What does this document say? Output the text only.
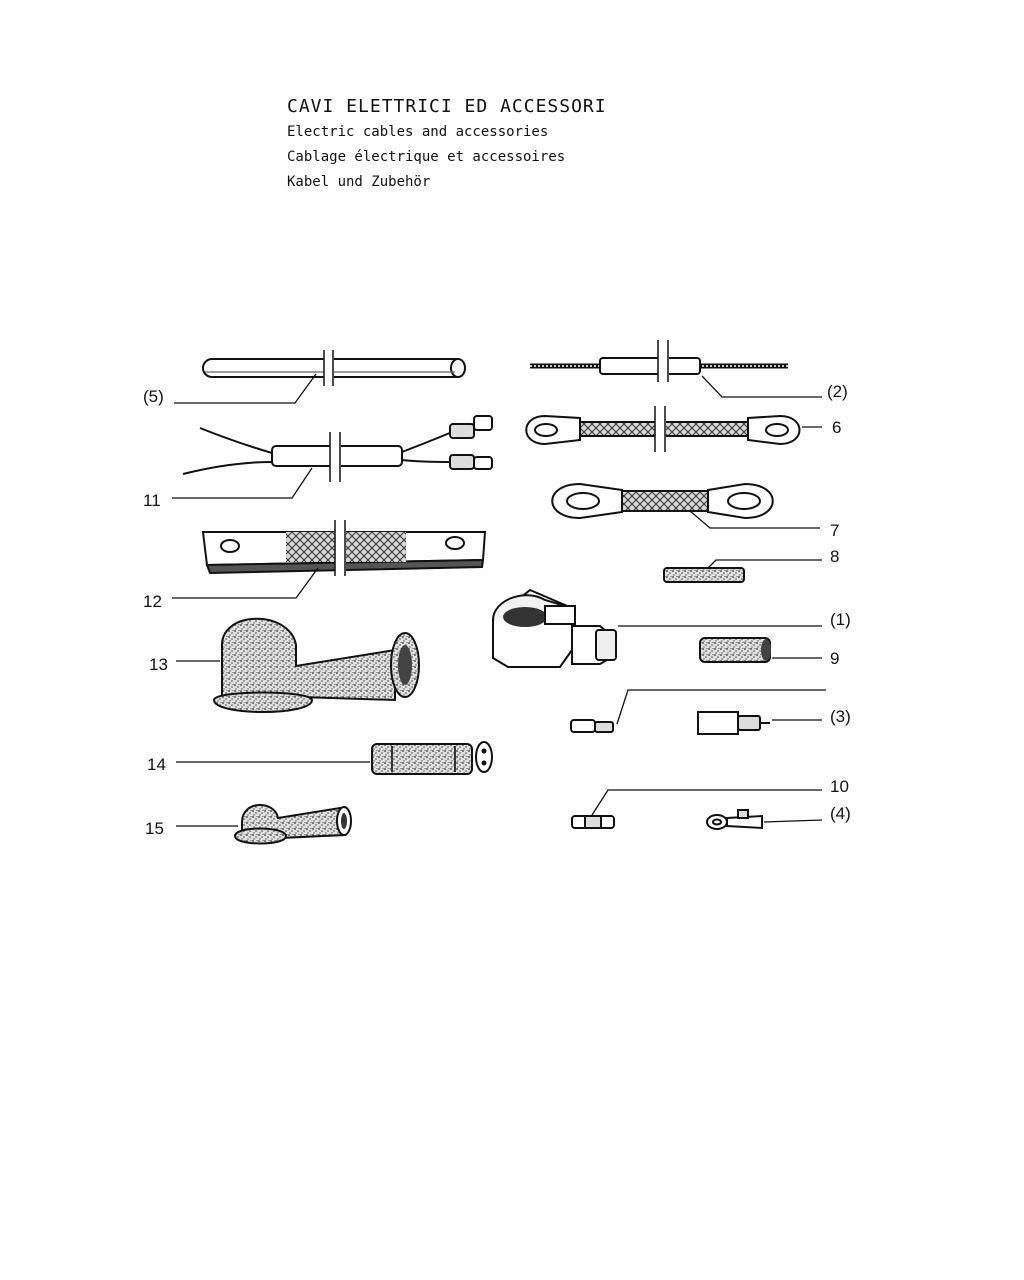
CAVI ELETTRICI ED ACCESSORI
Electric cables and accessories
Cablage électrique et accessoires
Kabel und Zubehör
(5)	(2)
6
11
7
12
8
(1)
13	9
(3)
14
10
(4)
15
